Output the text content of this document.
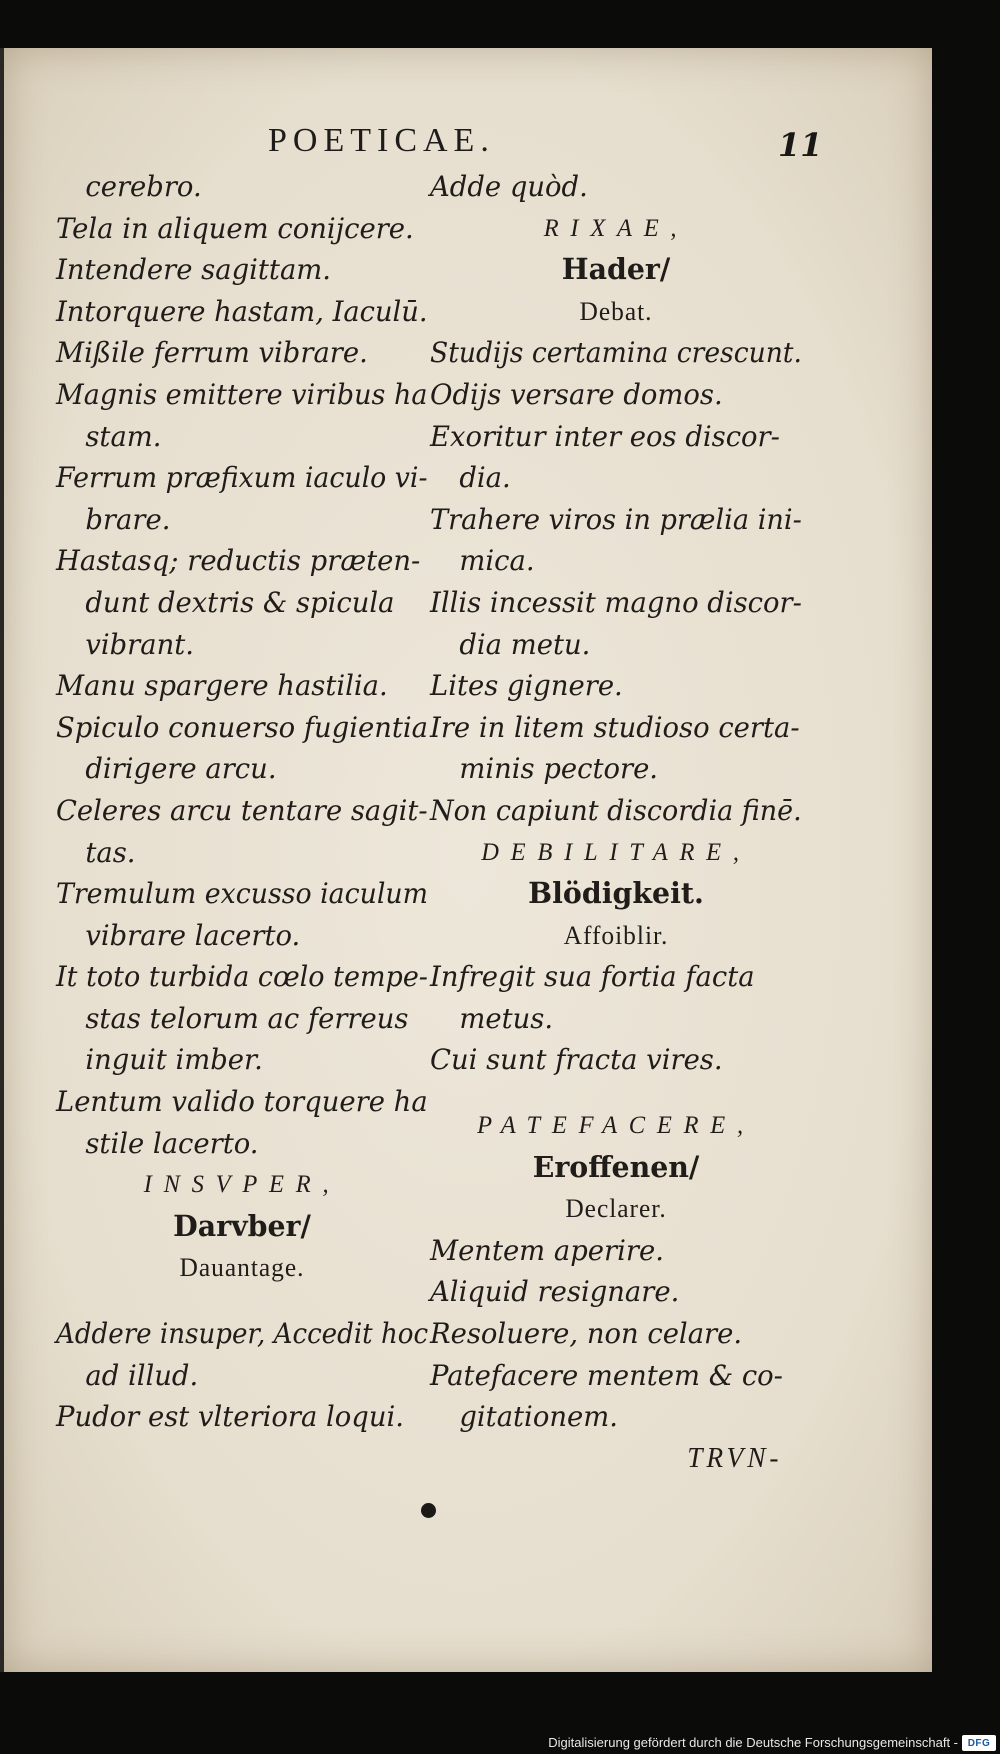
POETICAE.	11
cerebro.
Tela in aliquem conijcere.
Intendere sagittam.
Intorquere hastam, Iaculū.
Mißile ferrum vibrare.
Magnis emittere viribus ha
stam.
Ferrum præfixum iaculo vi-
brare.
Hastasq; reductis præten-
dunt dextris & spicula
vibrant.
Manu spargere hastilia.
Spiculo conuerso fugientia
dirigere arcu.
Celeres arcu tentare sagit-
tas.
Tremulum excusso iaculum
vibrare lacerto.
It toto turbida cœlo tempe-
stas telorum ac ferreus
inguit imber.
Lentum valido torquere ha
stile lacerto.
INSVPER,
Darvber/
Dauantage.
Addere insuper, Accedit hoc
ad illud.
Pudor est vlteriora loqui.
Adde quòd.
RIXAE,
Hader/
Debat.
Studijs certamina crescunt.
Odijs versare domos.
Exoritur inter eos discor-
dia.
Trahere viros in prælia ini-
mica.
Illis incessit magno discor-
dia metu.
Lites gignere.
Ire in litem studioso certa-
minis pectore.
Non capiunt discordia finē.
DEBILITARE,
Blödigkeit.
Affoiblir.
Infregit sua fortia facta
metus.
Cui sunt fracta vires.
PATEFACERE,
Eroffenen/
Declarer.
Mentem aperire.
Aliquid resignare.
Resoluere, non celare.
Patefacere mentem & co-
gitationem.
TRVN-
Digitalisierung gefördert durch die Deutsche Forschungsgemeinschaft - DFG
